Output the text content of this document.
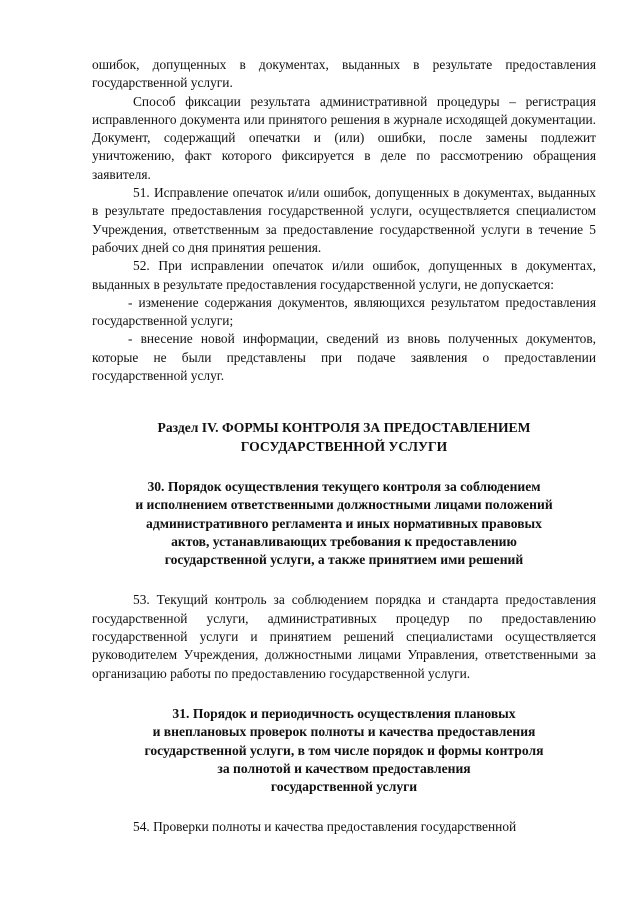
ошибок, допущенных в документах, выданных в результате предоставления государственной услуги.

Способ фиксации результата административной процедуры – регистрация исправленного документа или принятого решения в журнале исходящей документации. Документ, содержащий опечатки и (или) ошибки, после замены подлежит уничтожению, факт которого фиксируется в деле по рассмотрению обращения заявителя.

51. Исправление опечаток и/или ошибок, допущенных в документах, выданных в результате предоставления государственной услуги, осуществляется специалистом Учреждения, ответственным за предоставление государственной услуги в течение 5 рабочих дней со дня принятия решения.

52. При исправлении опечаток и/или ошибок, допущенных в документах, выданных в результате предоставления государственной услуги, не допускается:

- изменение содержания документов, являющихся результатом предоставления государственной услуги;

- внесение новой информации, сведений из вновь полученных документов, которые не были представлены при подаче заявления о предоставлении государственной услуг.

Раздел IV. ФОРМЫ КОНТРОЛЯ ЗА ПРЕДОСТАВЛЕНИЕМ
ГОСУДАРСТВЕННОЙ УСЛУГИ
30. Порядок осуществления текущего контроля за соблюдением
и исполнением ответственными должностными лицами положений
административного регламента и иных нормативных правовых
актов, устанавливающих требования к предоставлению
государственной услуги, а также принятием ими решений

53. Текущий контроль за соблюдением порядка и стандарта предоставления государственной услуги, административных процедур по предоставлению государственной услуги и принятием решений специалистами осуществляется руководителем Учреждения, должностными лицами Управления, ответственными за организацию работы по предоставлению государственной услуги.

31. Порядок и периодичность осуществления плановых
и внеплановых проверок полноты и качества предоставления
государственной услуги, в том числе порядок и формы контроля
за полнотой и качеством предоставления
государственной услуги

54. Проверки полноты и качества предоставления государственной
